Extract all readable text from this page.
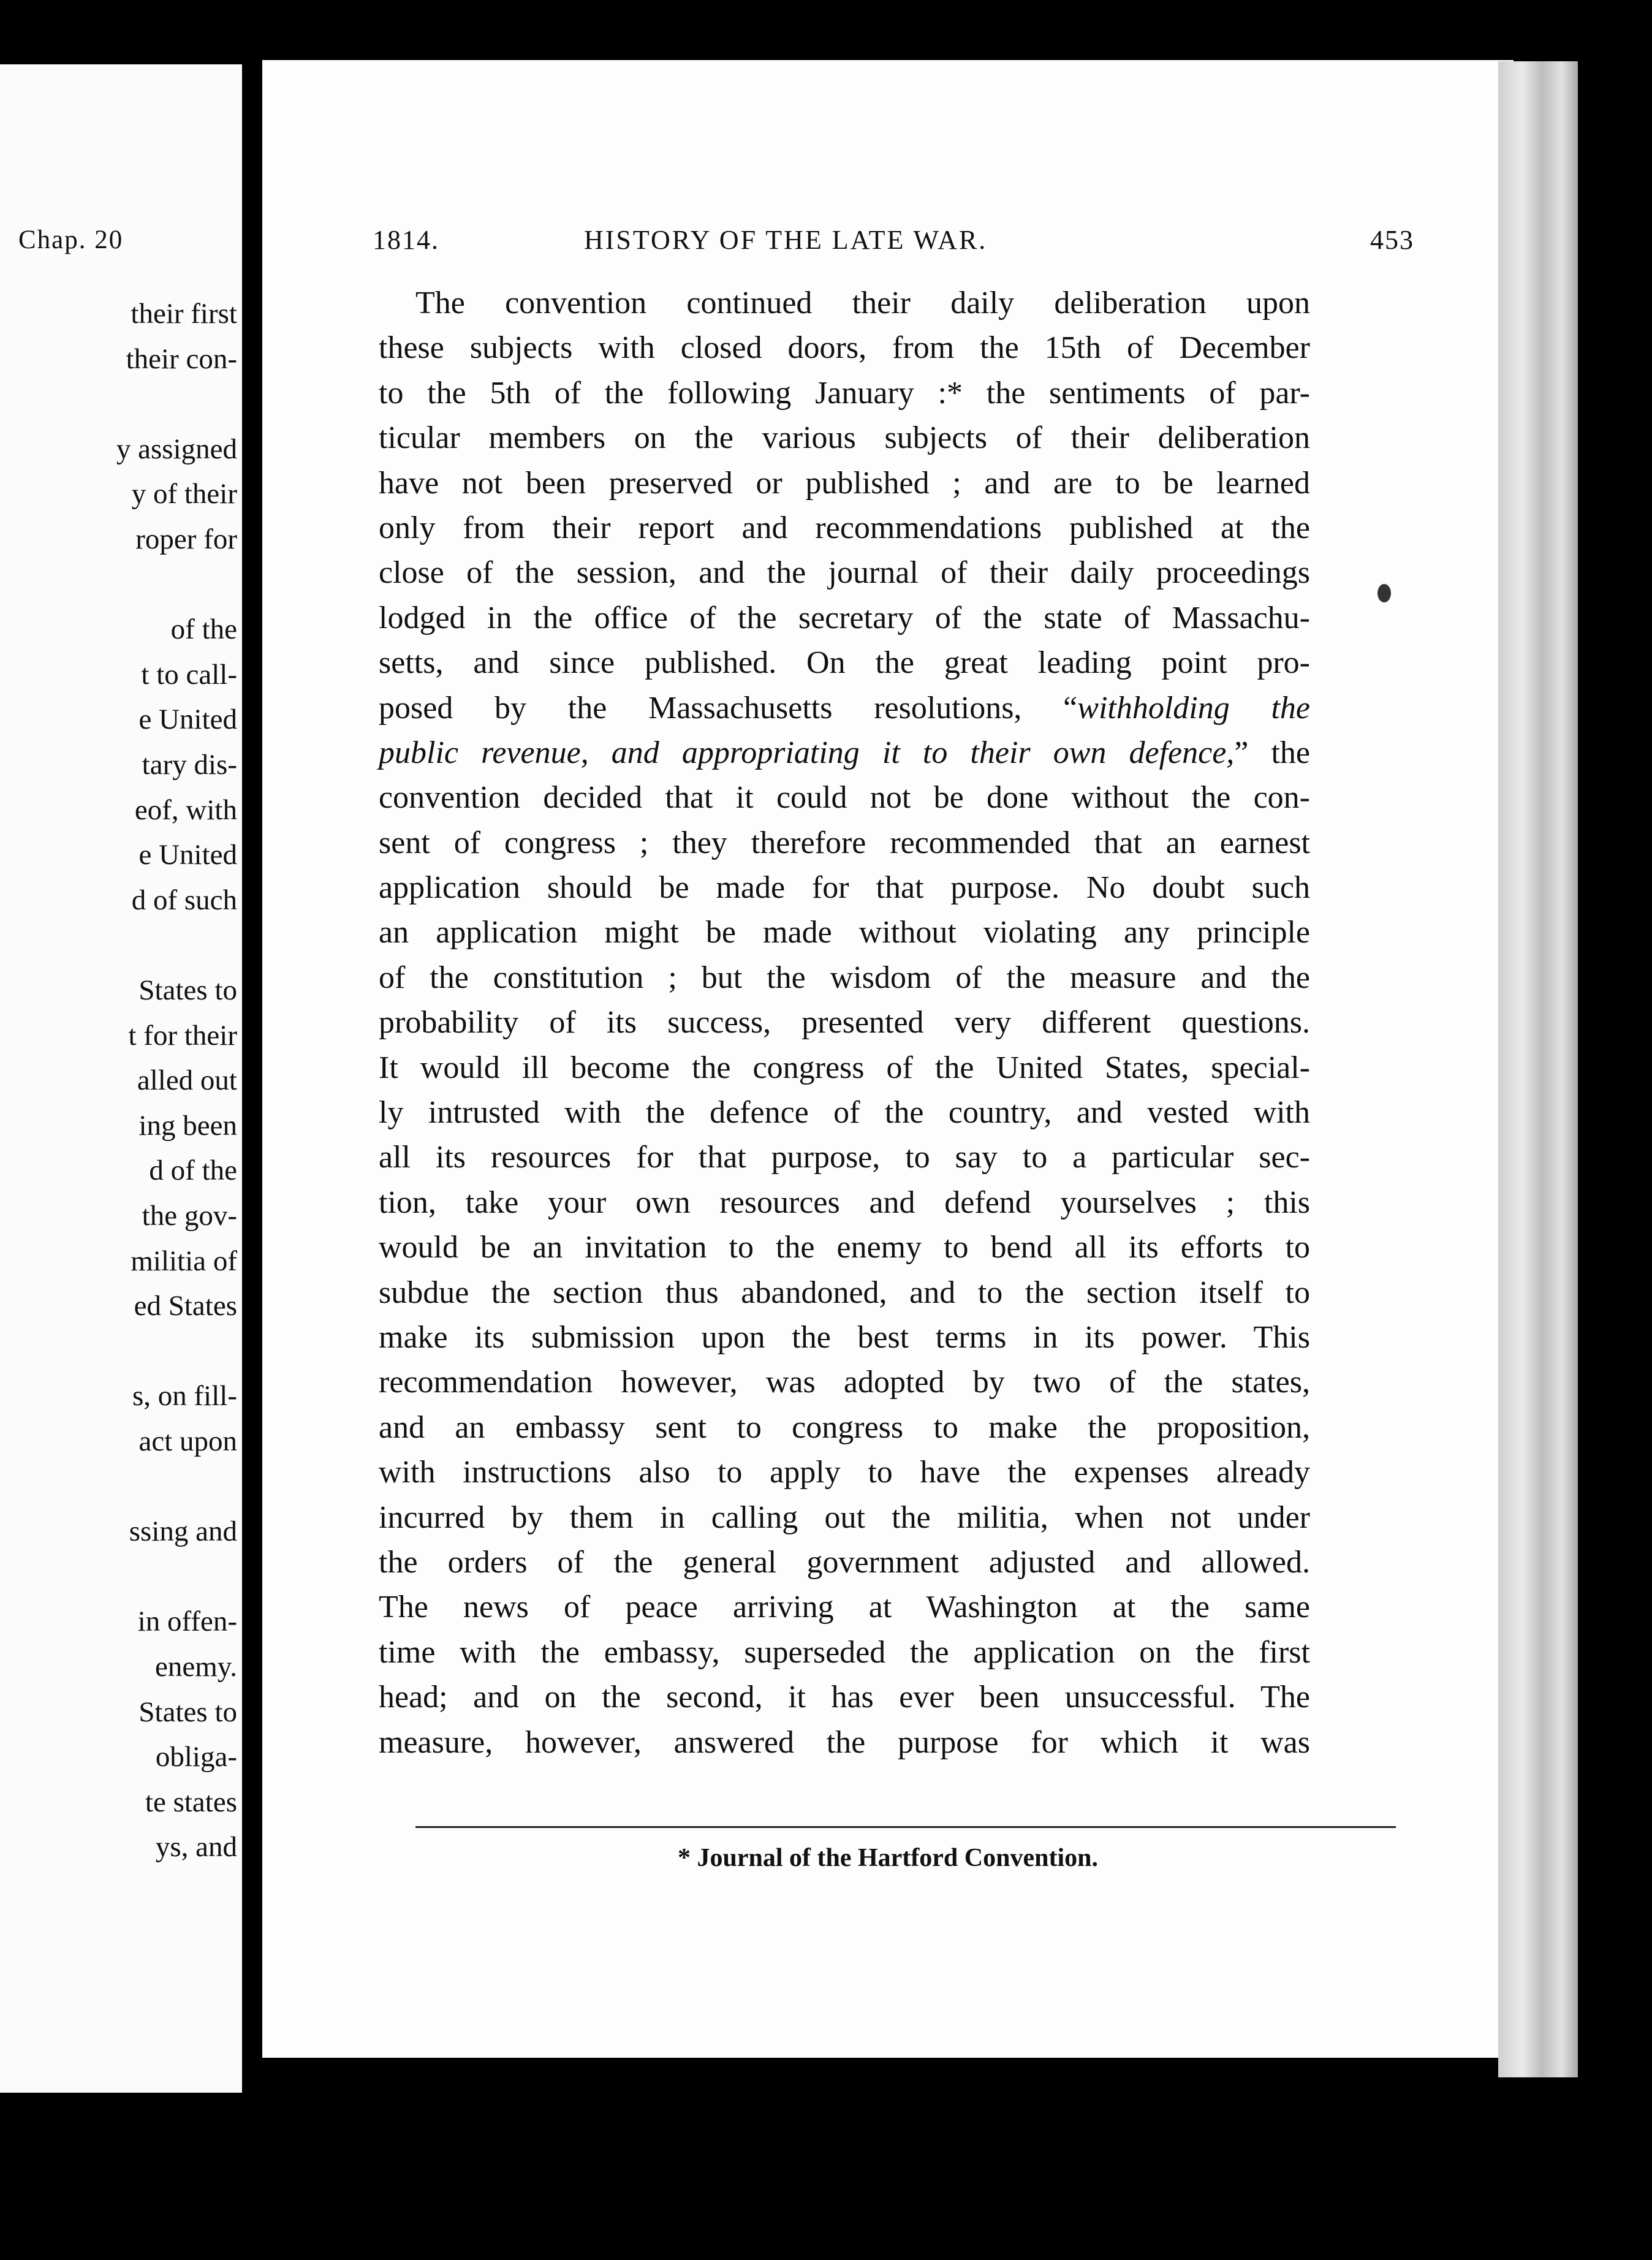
Chap. 20
their first
their con-
y assigned
y of their
roper for
of the
t to call-
e United
tary dis-
eof, with
e United
d of such
States to
t for their
alled out
ing been
d of the
the gov-
militia of
ed States
s, on fill-
act upon
ssing and
in offen-
enemy.
States to
obliga-
te states
ys, and
1814.	HISTORY OF THE LATE WAR.	453
The convention continued their daily deliberation upon
these subjects with closed doors, from the 15th of December
to the 5th of the following January :* the sentiments of par-
ticular members on the various subjects of their deliberation
have not been preserved or published ; and are to be learned
only from their report and recommendations published at the
close of the session, and the journal of their daily proceedings
lodged in the office of the secretary of the state of Massachu-
setts, and since published. On the great leading point pro-
posed by the Massachusetts resolutions, “withholding the
public revenue, and appropriating it to their own defence,” the
convention decided that it could not be done without the con-
sent of congress ; they therefore recommended that an earnest
application should be made for that purpose. No doubt such
an application might be made without violating any principle
of the constitution ; but the wisdom of the measure and the
probability of its success, presented very different questions.
It would ill become the congress of the United States, special-
ly intrusted with the defence of the country, and vested with
all its resources for that purpose, to say to a particular sec-
tion, take your own resources and defend yourselves ; this
would be an invitation to the enemy to bend all its efforts to
subdue the section thus abandoned, and to the section itself to
make its submission upon the best terms in its power. This
recommendation however, was adopted by two of the states,
and an embassy sent to congress to make the proposition,
with instructions also to apply to have the expenses already
incurred by them in calling out the militia, when not under
the orders of the general government adjusted and allowed.
The news of peace arriving at Washington at the same
time with the embassy, superseded the application on the first
head; and on the second, it has ever been unsuccessful. The
measure, however, answered the purpose for which it was
* Journal of the Hartford Convention.
